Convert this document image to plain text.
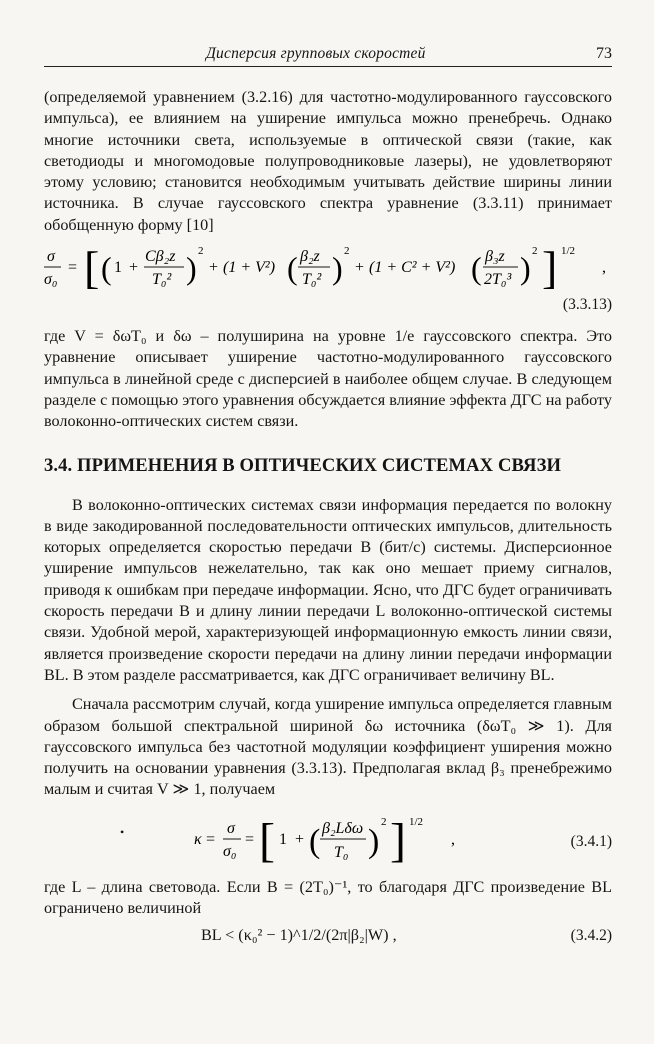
Дисперсия групповых скоростей	73

(определяемой уравнением (3.2.16) для частотно-модулированного гауссовского импульса), ее влиянием на уширение импульса можно пренебречь. Однако многие источники света, используемые в оптической связи (такие, как светодиоды и многомодовые полупроводниковые лазеры), не удовлетворяют этому условию; становится необходимым учитывать действие ширины линии источника. В случае гауссовского спектра уравнение (3.3.11) принимает обобщенную форму [10]

σ
σ₀
= [ ( 1 +
Cβ₂z
T₀² ) 2
+ (1 + V²) ( β₂z
T₀² ) 2
+ (1 + C² + V²) ( β₃z
2T₀³ ) 2 ] 1/2
,
(3.3.13)

где V = δωT₀ и δω – полуширина на уровне 1/e гауссовского спектра. Это уравнение описывает уширение частотно-модулированного гауссовского импульса в линейной среде с дисперсией в наиболее общем случае. В следующем разделе с помощью этого уравнения обсуждается влияние эффекта ДГС на работу волоконно-оптических систем связи.

3.4. ПРИМЕНЕНИЯ В ОПТИЧЕСКИХ СИСТЕМАХ СВЯЗИ

В волоконно-оптических системах связи информация передается по волокну в виде закодированной последовательности оптических импульсов, длительность которых определяется скоростью передачи B (бит/с) системы. Дисперсионное уширение импульсов нежелательно, так как оно мешает приему сигналов, приводя к ошибкам при передаче информации. Ясно, что ДГС будет ограничивать скорость передачи B и длину линии передачи L волоконно-оптической системы связи. Удобной мерой, характеризующей информационную емкость линии связи, является произведение скорости передачи на длину линии передачи информации BL. В этом разделе рассматривается, как ДГС ограничивает величину BL.

Сначала рассмотрим случай, когда уширение импульса определяется главным образом большой спектральной шириной δω источника (δωT₀ ≫ 1). Для гауссовского импульса без частотной модуляции коэффициент уширения можно получить на основании уравнения (3.3.13). Предполагая вклад β₃ пренебрежимо малым и считая V ≫ 1, получаем

•	κ =
σ
σ₀
= [ 1 + ( β₂Lδω
T₀ )
2 ] 1/2
,	(3.4.1)

где L – длина световода. Если B = (2T₀)⁻¹, то благодаря ДГС произведение BL ограничено величиной

BL < (κ₀² − 1)^1/2/(2π|β₂|W) ,	(3.4.2)
